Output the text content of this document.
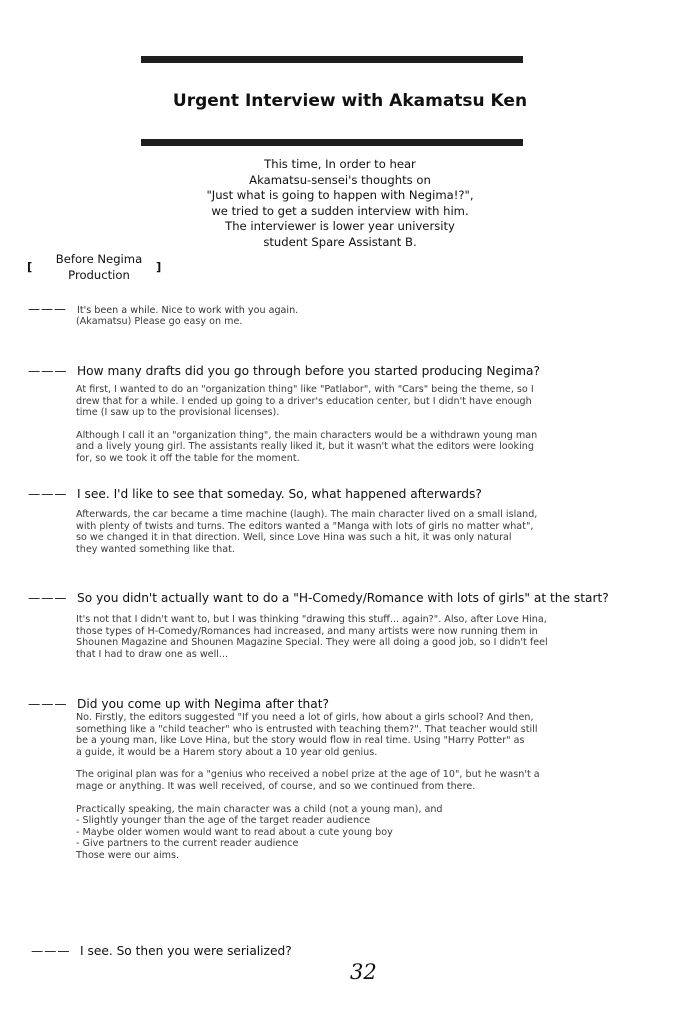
Urgent Interview with Akamatsu Ken
This time, In order to hear
Akamatsu-sensei's thoughts on
"Just what is going to happen with Negima!?",
we tried to get a sudden interview with him.
The interviewer is lower year university
student Spare Assistant B.
[
Before Negima
Production
]
——— It's been a while. Nice to work with you again.

(Akamatsu) Please go easy on me.

——— How many drafts did you go through before you started producing Negima?

At first, I wanted to do an "organization thing" like "Patlabor", with "Cars" being the theme, so I
drew that for a while. I ended up going to a driver's education center, but I didn't have enough
time (I saw up to the provisional licenses).

Although I call it an "organization thing", the main characters would be a withdrawn young man
and a lively young girl. The assistants really liked it, but it wasn't what the editors were looking
for, so we took it off the table for the moment.

——— I see. I'd like to see that someday. So, what happened afterwards?

Afterwards, the car became a time machine (laugh). The main character lived on a small island,
with plenty of twists and turns. The editors wanted a "Manga with lots of girls no matter what",
so we changed it in that direction. Well, since Love Hina was such a hit, it was only natural
they wanted something like that.

——— So you didn't actually want to do a "H-Comedy/Romance with lots of girls" at the start?

It's not that I didn't want to, but I was thinking "drawing this stuff... again?". Also, after Love Hina,
those types of H-Comedy/Romances had increased, and many artists were now running them in
Shounen Magazine and Shounen Magazine Special. They were all doing a good job, so I didn't feel
that I had to draw one as well...

——— Did you come up with Negima after that?

No. Firstly, the editors suggested "If you need a lot of girls, how about a girls school? And then,
something like a "child teacher" who is entrusted with teaching them?". That teacher would still
be a young man, like Love Hina, but the story would flow in real time. Using "Harry Potter" as
a guide, it would be a Harem story about a 10 year old genius.

The original plan was for a "genius who received a nobel prize at the age of 10", but he wasn't a
mage or anything. It was well received, of course, and so we continued from there.

Practically speaking, the main character was a child (not a young man), and
- Slightly younger than the age of the target reader audience
- Maybe older women would want to read about a cute young boy
- Give partners to the current reader audience
Those were our aims.

——— I see. So then you were serialized?
32
